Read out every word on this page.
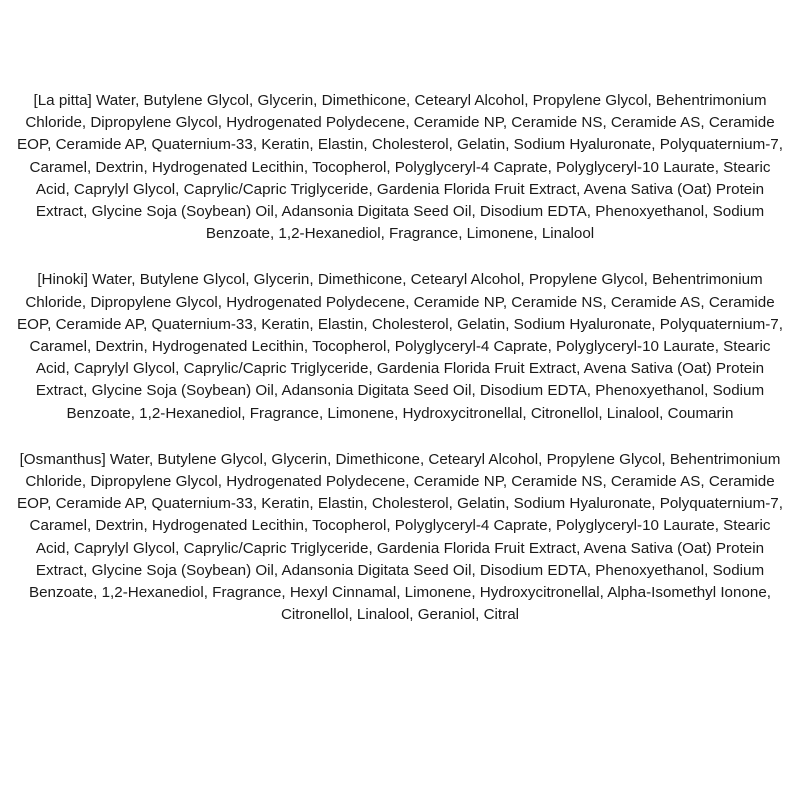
[La pitta] Water, Butylene Glycol, Glycerin, Dimethicone, Cetearyl Alcohol, Propylene Glycol, Behentrimonium Chloride, Dipropylene Glycol, Hydrogenated Polydecene, Ceramide NP, Ceramide NS, Ceramide AS, Ceramide EOP, Ceramide AP, Quaternium-33, Keratin, Elastin, Cholesterol, Gelatin, Sodium Hyaluronate, Polyquaternium-7, Caramel, Dextrin, Hydrogenated Lecithin, Tocopherol, Polyglyceryl-4 Caprate, Polyglyceryl-10 Laurate, Stearic Acid, Caprylyl Glycol, Caprylic/Capric Triglyceride, Gardenia Florida Fruit Extract, Avena Sativa (Oat) Protein Extract, Glycine Soja (Soybean) Oil, Adansonia Digitata Seed Oil, Disodium EDTA, Phenoxyethanol, Sodium Benzoate, 1,2-Hexanediol, Fragrance, Limonene, Linalool

[Hinoki] Water, Butylene Glycol, Glycerin, Dimethicone, Cetearyl Alcohol, Propylene Glycol, Behentrimonium Chloride, Dipropylene Glycol, Hydrogenated Polydecene, Ceramide NP, Ceramide NS, Ceramide AS, Ceramide EOP, Ceramide AP, Quaternium-33, Keratin, Elastin, Cholesterol, Gelatin, Sodium Hyaluronate, Polyquaternium-7, Caramel, Dextrin, Hydrogenated Lecithin, Tocopherol, Polyglyceryl-4 Caprate, Polyglyceryl-10 Laurate, Stearic Acid, Caprylyl Glycol, Caprylic/Capric Triglyceride, Gardenia Florida Fruit Extract, Avena Sativa (Oat) Protein Extract, Glycine Soja (Soybean) Oil, Adansonia Digitata Seed Oil, Disodium EDTA, Phenoxyethanol, Sodium Benzoate, 1,2-Hexanediol, Fragrance, Limonene, Hydroxycitronellal, Citronellol, Linalool, Coumarin

[Osmanthus] Water, Butylene Glycol, Glycerin, Dimethicone, Cetearyl Alcohol, Propylene Glycol, Behentrimonium Chloride, Dipropylene Glycol, Hydrogenated Polydecene, Ceramide NP, Ceramide NS, Ceramide AS, Ceramide EOP, Ceramide AP, Quaternium-33, Keratin, Elastin, Cholesterol, Gelatin, Sodium Hyaluronate, Polyquaternium-7, Caramel, Dextrin, Hydrogenated Lecithin, Tocopherol, Polyglyceryl-4 Caprate, Polyglyceryl-10 Laurate, Stearic Acid, Caprylyl Glycol, Caprylic/Capric Triglyceride, Gardenia Florida Fruit Extract, Avena Sativa (Oat) Protein Extract, Glycine Soja (Soybean) Oil, Adansonia Digitata Seed Oil, Disodium EDTA, Phenoxyethanol, Sodium Benzoate, 1,2-Hexanediol, Fragrance, Hexyl Cinnamal, Limonene, Hydroxycitronellal, Alpha-Isomethyl Ionone, Citronellol, Linalool, Geraniol, Citral
